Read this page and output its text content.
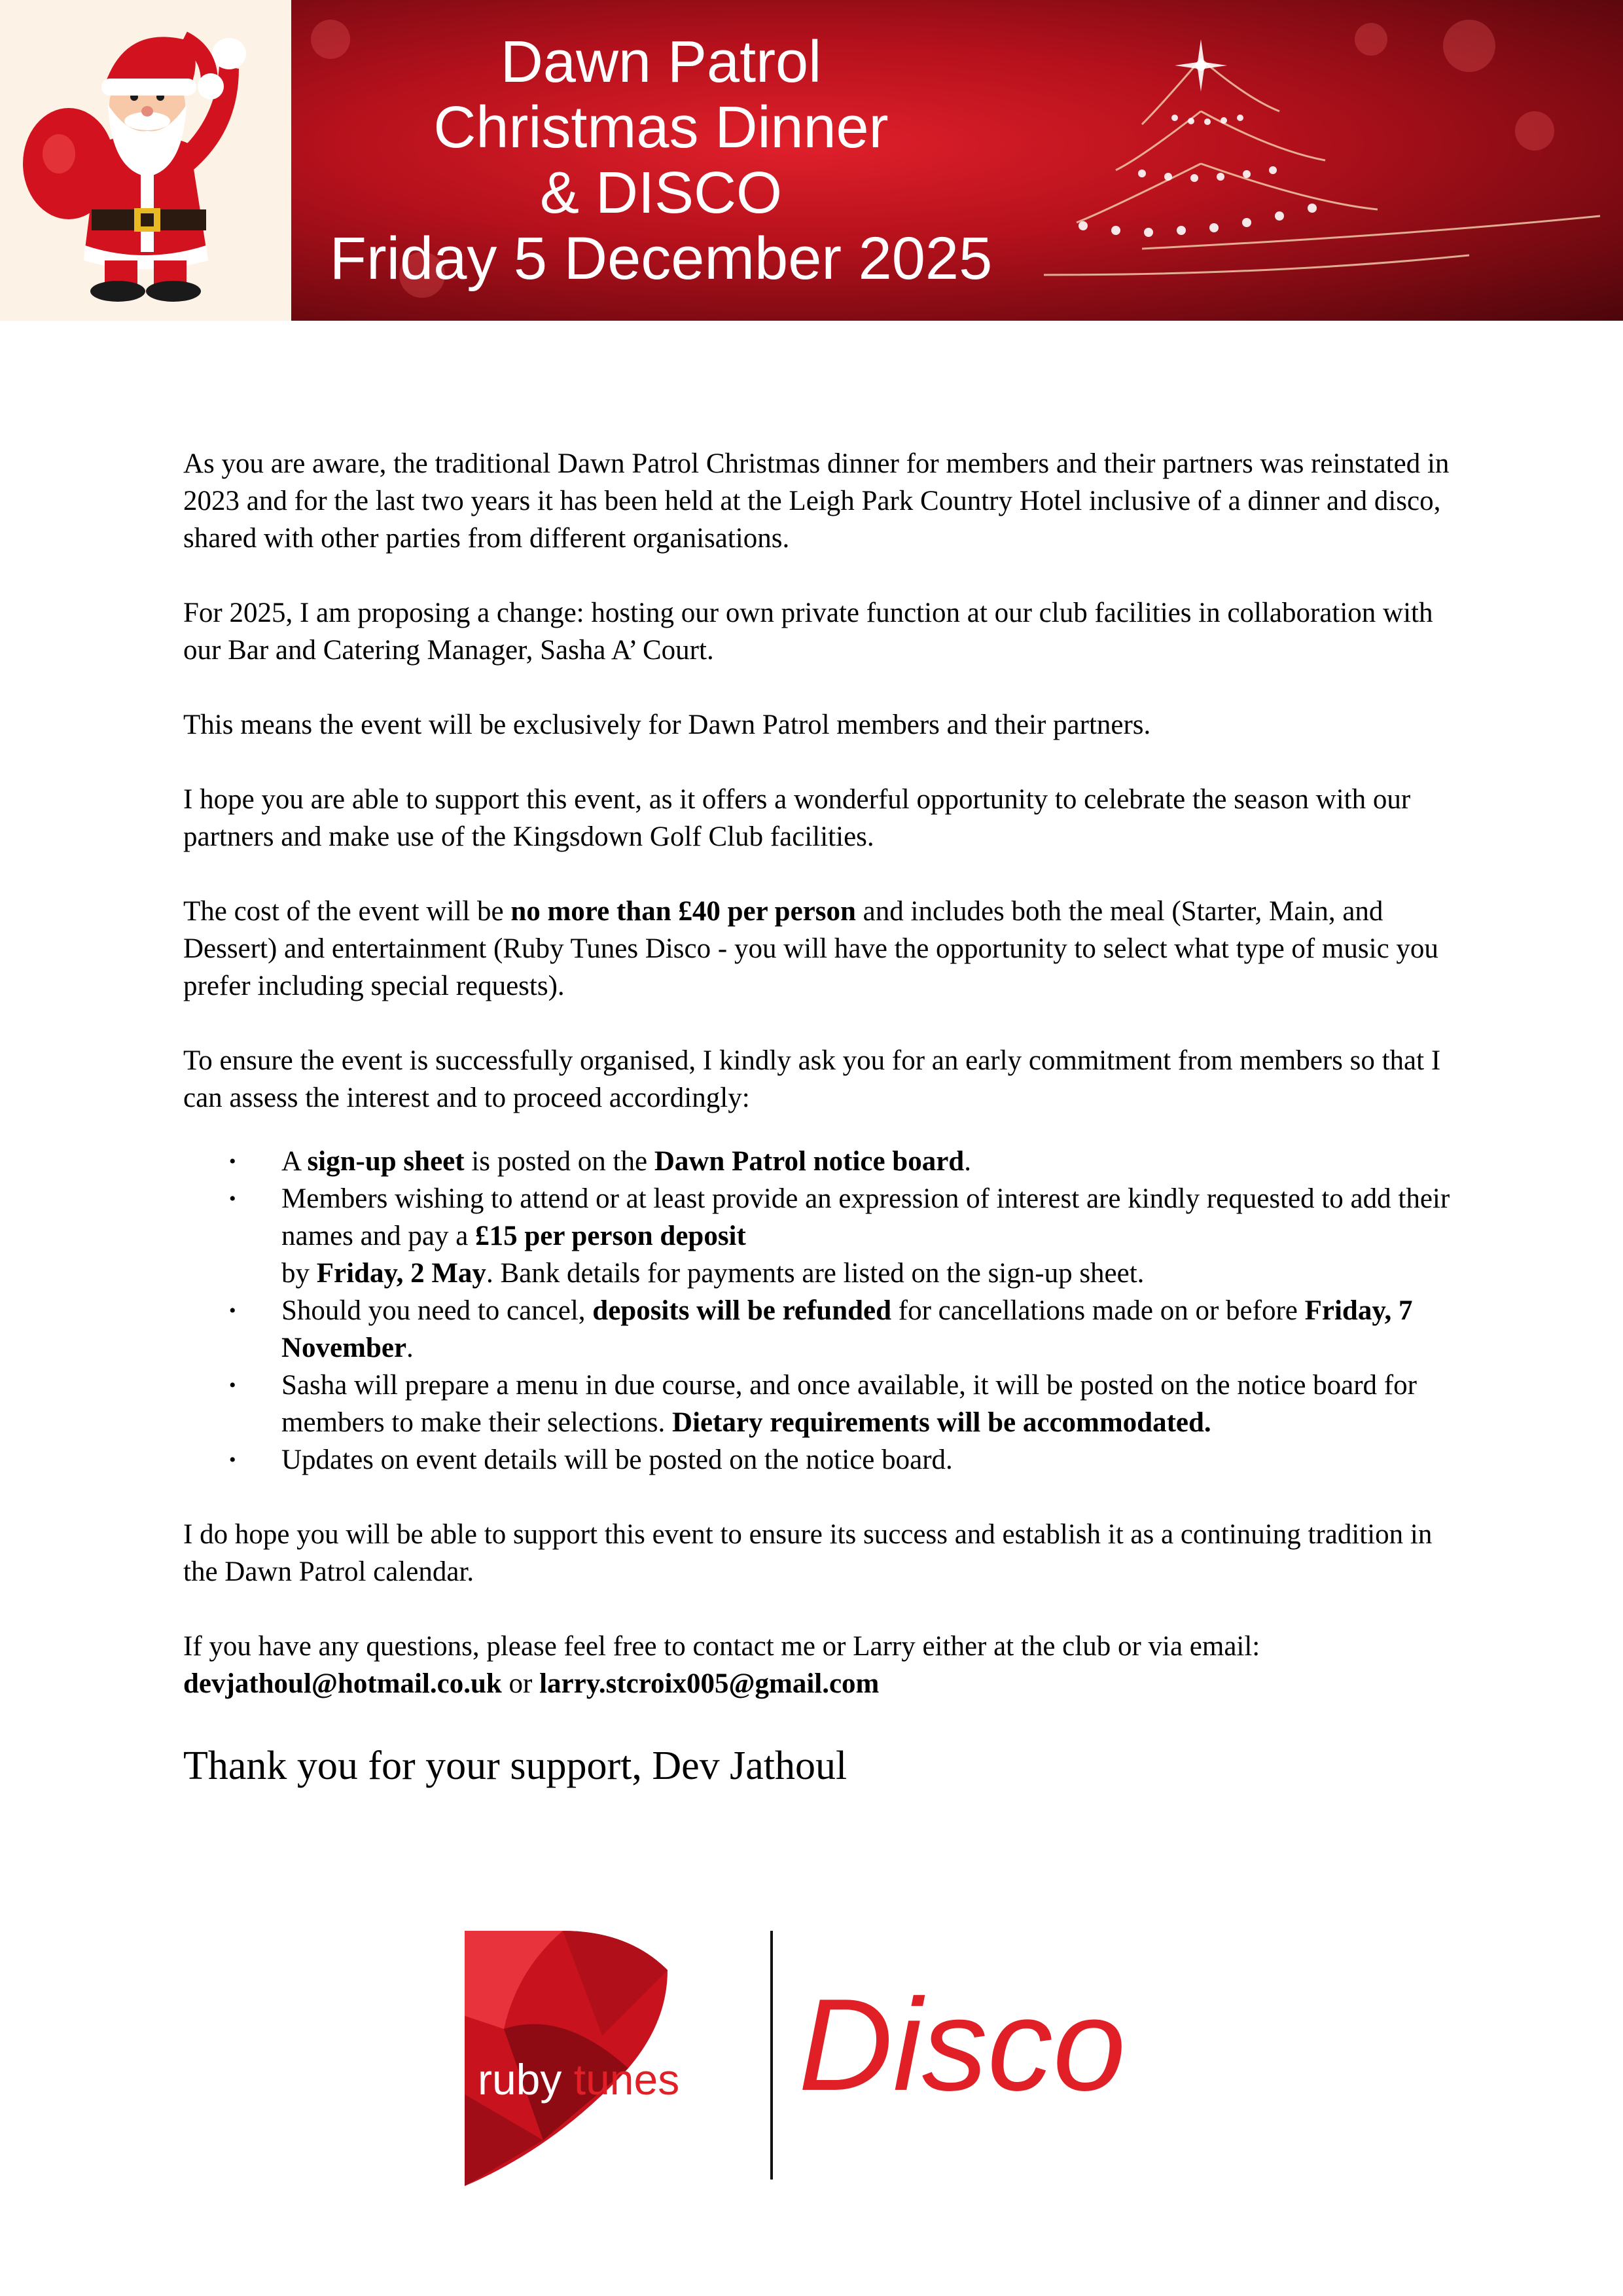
Dawn Patrol

Christmas Dinner

& DISCO

Friday 5 December 2025

As you are aware, the traditional Dawn Patrol Christmas dinner for members and their partners was reinstated in 2023 and for the last two years it has been held at the Leigh Park Country Hotel inclusive of a dinner and disco, shared with other parties from different organisations.

For 2025, I am proposing a change: hosting our own private function at our club facilities in collaboration with our Bar and Catering Manager, Sasha A’ Court.

This means the event will be exclusively for Dawn Patrol members and their partners.

I hope you are able to support this event, as it offers a wonderful opportunity to celebrate the season with our partners and make use of the Kingsdown Golf Club facilities.

The cost of the event will be no more than £40 per person and includes both the meal (Starter, Main, and Dessert) and entertainment (Ruby Tunes Disco - you will have the opportunity to select what type of music you prefer including special requests).

To ensure the event is successfully organised, I kindly ask you for an early commitment from members so that I can assess the interest and to proceed accordingly:

• A sign-up sheet is posted on the Dawn Patrol notice board.
• Members wishing to attend or at least provide an expression of interest are kindly requested to add their names and pay a £15 per person deposit
by Friday, 2 May. Bank details for payments are listed on the sign-up sheet.
• Should you need to cancel, deposits will be refunded for cancellations made on or before Friday, 7 November.
• Sasha will prepare a menu in due course, and once available, it will be posted on the notice board for members to make their selections. Dietary requirements will be accommodated.
• Updates on event details will be posted on the notice board.

I do hope you will be able to support this event to ensure its success and establish it as a continuing tradition in the Dawn Patrol calendar.

If you have any questions, please feel free to contact me or Larry either at the club or via email: devjathoul@hotmail.co.uk or larry.stcroix005@gmail.com

Thank you for your support, Dev Jathoul

ruby tunes Disco
